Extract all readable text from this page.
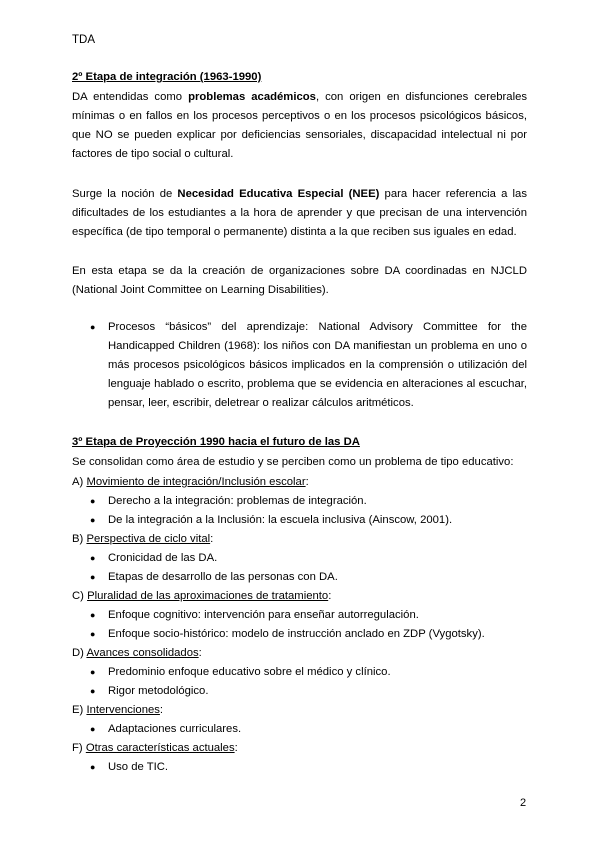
TDA
2º Etapa de integración (1963-1990)
DA entendidas como problemas académicos, con origen en disfunciones cerebrales mínimas o en fallos en los procesos perceptivos o en los procesos psicológicos básicos, que NO se pueden explicar por deficiencias sensoriales, discapacidad intelectual ni por factores de tipo social o cultural.
Surge la noción de Necesidad Educativa Especial (NEE) para hacer referencia a las dificultades de los estudiantes a la hora de aprender y que precisan de una intervención específica (de tipo temporal o permanente) distinta a la que reciben sus iguales en edad.
En esta etapa se da la creación de organizaciones sobre DA coordinadas en NJCLD (National Joint Committee on Learning Disabilities).
● Procesos “básicos” del aprendizaje: National Advisory Committee for the Handicapped Children (1968): los niños con DA manifiestan un problema en uno o más procesos psicológicos básicos implicados en la comprensión o utilización del lenguaje hablado o escrito, problema que se evidencia en alteraciones al escuchar, pensar, leer, escribir, deletrear o realizar cálculos aritméticos.
3º Etapa de Proyección 1990 hacia el futuro de las DA
Se consolidan como área de estudio y se perciben como un problema de tipo educativo:
A) Movimiento de integración/Inclusión escolar:
● Derecho a la integración: problemas de integración.
● De la integración a la Inclusión: la escuela inclusiva (Ainscow, 2001).
B) Perspectiva de ciclo vital:
● Cronicidad de las DA.
● Etapas de desarrollo de las personas con DA.
C) Pluralidad de las aproximaciones de tratamiento:
● Enfoque cognitivo: intervención para enseñar autorregulación.
● Enfoque socio-histórico: modelo de instrucción anclado en ZDP (Vygotsky).
D) Avances consolidados:
● Predominio enfoque educativo sobre el médico y clínico.
● Rigor metodológico.
E) Intervenciones:
● Adaptaciones curriculares.
F) Otras características actuales:
● Uso de TIC.
2
